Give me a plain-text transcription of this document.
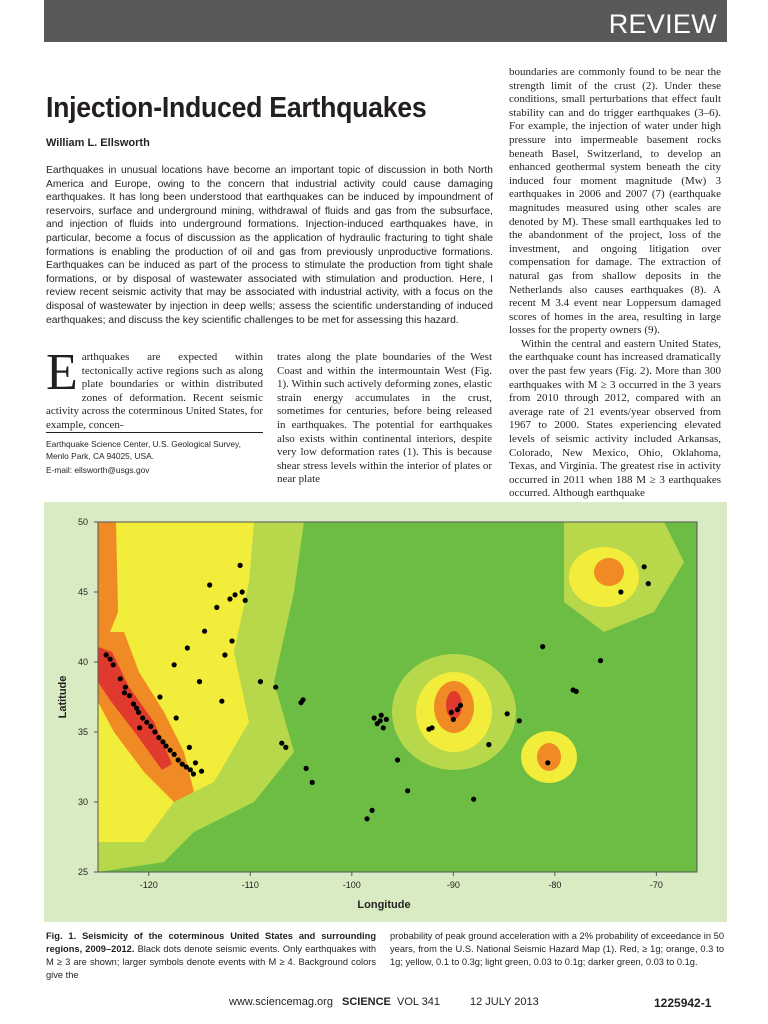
REVIEW
Injection-Induced Earthquakes
William L. Ellsworth
Earthquakes in unusual locations have become an important topic of discussion in both North America and Europe, owing to the concern that industrial activity could cause damaging earthquakes. It has long been understood that earthquakes can be induced by impoundment of reservoirs, surface and underground mining, withdrawal of fluids and gas from the subsurface, and injection of fluids into underground formations. Injection-induced earthquakes have, in particular, become a focus of discussion as the application of hydraulic fracturing to tight shale formations is enabling the production of oil and gas from previously unproductive formations. Earthquakes can be induced as part of the process to stimulate the production from tight shale formations, or by disposal of wastewater associated with stimulation and production. Here, I review recent seismic activity that may be associated with industrial activity, with a focus on the disposal of wastewater by injection in deep wells; assess the scientific understanding of induced earthquakes; and discuss the key scientific challenges to be met for assessing this hazard.
Earthquakes are expected within tectonically active regions such as along plate boundaries or within distributed zones of deformation. Recent seismic activity across the coterminous United States, for example, concen-
Earthquake Science Center, U.S. Geological Survey, Menlo Park, CA 94025, USA.
E-mail: ellsworth@usgs.gov
trates along the plate boundaries of the West Coast and within the intermountain West (Fig. 1). Within such actively deforming zones, elastic strain energy accumulates in the crust, sometimes for centuries, before being released in earthquakes. The potential for earthquakes also exists within continental interiors, despite very low deformation rates (1). This is because shear stress levels within the interior of plates or near plate
boundaries are commonly found to be near the strength limit of the crust (2). Under these conditions, small perturbations that effect fault stability can and do trigger earthquakes (3–6). For example, the injection of water under high pressure into impermeable basement rocks beneath Basel, Switzerland, to develop an enhanced geothermal system beneath the city induced four moment magnitude (Mw) 3 earthquakes in 2006 and 2007 (7) (earthquake magnitudes measured using other scales are denoted by M). These small earthquakes led to the abandonment of the project, loss of the investment, and ongoing litigation over compensation for damage. The extraction of natural gas from shallow deposits in the Netherlands also causes earthquakes (8). A recent M 3.4 event near Loppersum damaged scores of homes in the area, resulting in large losses for the property owners (9).
Within the central and eastern United States, the earthquake count has increased dramatically over the past few years (Fig. 2). More than 300 earthquakes with M ≥ 3 occurred in the 3 years from 2010 through 2012, compared with an average rate of 21 events/year observed from 1967 to 2000. States experiencing elevated levels of seismic activity included Arkansas, Colorado, New Mexico, Ohio, Oklahoma, Texas, and Virginia. The greatest rise in activity occurred in 2011 when 188 M ≥ 3 earthquakes occurred. Although earthquake
-120	-110	-100	-90	-80	-70
25
30
35
40
45
50
Longitude
Latitude
Fig. 1. Seismicity of the coterminous United States and surrounding regions, 2009–2012. Black dots denote seismic events. Only earthquakes with M ≥ 3 are shown; larger symbols denote events with M ≥ 4. Background colors give the
probability of peak ground acceleration with a 2% probability of exceedance in 50 years, from the U.S. National Seismic Hazard Map (1). Red, ≥ 1g; orange, 0.3 to 1g; yellow, 0.1 to 0.3g; light green, 0.03 to 0.1g; darker green, 0.03 to 0.1g.
www.sciencemag.org SCIENCE VOL 341	12 JULY 2013	1225942-1
